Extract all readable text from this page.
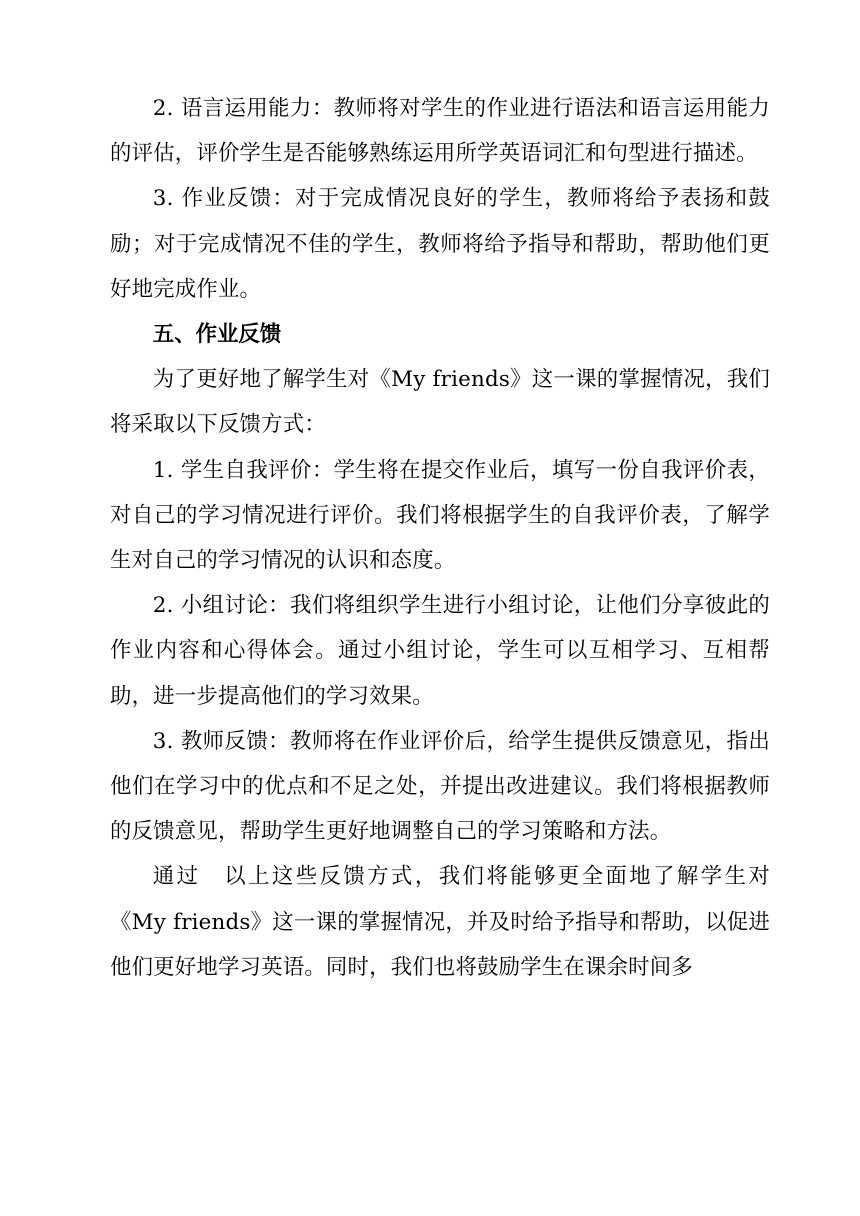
2. 语言运用能力：教师将对学生的作业进行语法和语言运用能力的评估，评价学生是否能够熟练运用所学英语词汇和句型进行描述。

3. 作业反馈：对于完成情况良好的学生，教师将给予表扬和鼓励；对于完成情况不佳的学生，教师将给予指导和帮助，帮助他们更好地完成作业。

五、作业反馈

为了更好地了解学生对《My friends》这一课的掌握情况，我们将采取以下反馈方式：

1. 学生自我评价：学生将在提交作业后，填写一份自我评价表，对自己的学习情况进行评价。我们将根据学生的自我评价表，了解学生对自己的学习情况的认识和态度。

2. 小组讨论：我们将组织学生进行小组讨论，让他们分享彼此的作业内容和心得体会。通过小组讨论，学生可以互相学习、互相帮助，进一步提高他们的学习效果。

3. 教师反馈：教师将在作业评价后，给学生提供反馈意见，指出他们在学习中的优点和不足之处，并提出改进建议。我们将根据教师的反馈意见，帮助学生更好地调整自己的学习策略和方法。

通过　以上这些反馈方式，我们将能够更全面地了解学生对《My friends》这一课的掌握情况，并及时给予指导和帮助，以促进他们更好地学习英语。同时，我们也将鼓励学生在课余时间多
